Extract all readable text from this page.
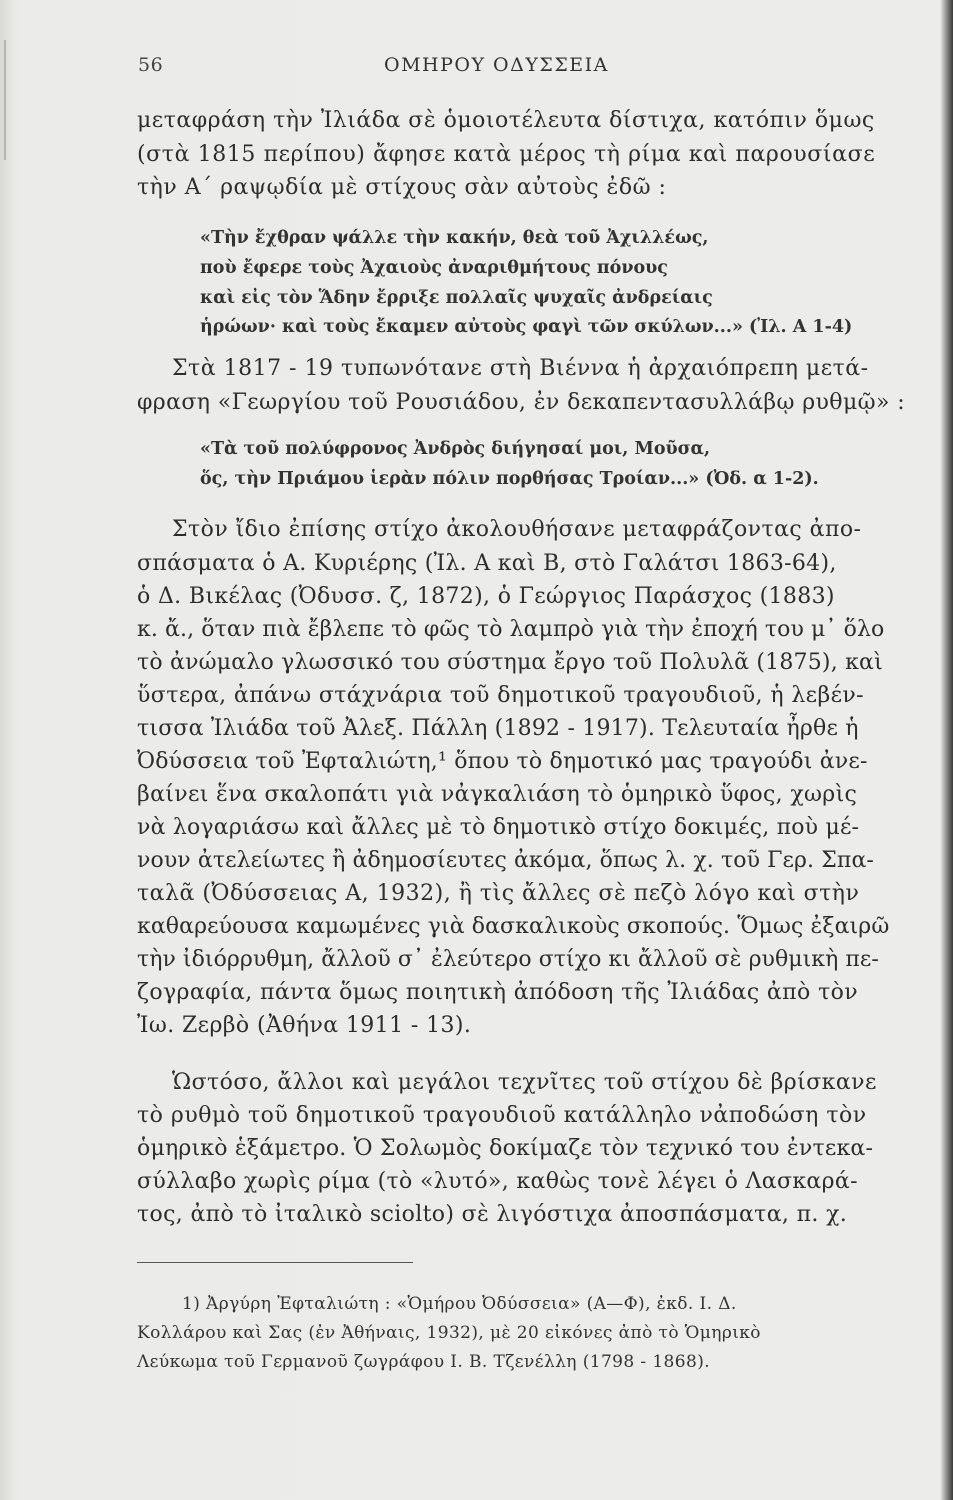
56	ΟΜΗΡΟΥ ΟΔΥΣΣΕΙΑ
μεταφράση τὴν Ἰλιάδα σὲ ὁμοιοτέλευτα δίστιχα, κατόπιν ὅμως
(στὰ 1815 περίπου) ἄφησε κατὰ μέρος τὴ ρίμα καὶ παρουσίασε
τὴν Α΄ ραψῳδία μὲ στίχους σὰν αὐτοὺς ἐδῶ :
«Τὴν ἔχθραν ψάλλε τὴν κακήν, θεὰ τοῦ Ἀχιλλέως,
ποὺ ἔφερε τοὺς Ἀχαιοὺς ἀναριθμήτους πόνους
καὶ εἰς τὸν Ἅδην ἔρριξε πολλαῖς ψυχαῖς ἀνδρείαις
ἡρώων· καὶ τοὺς ἔκαμεν αὐτοὺς φαγὶ τῶν σκύλων...» (Ἰλ. Α 1-4)
Στὰ 1817 - 19 τυπωνότανε στὴ Βιέννα ἡ ἀρχαιόπρεπη μετά-
φραση «Γεωργίου τοῦ Ρουσιάδου, ἐν δεκαπεντασυλλάβῳ ρυθμῷ» :
«Τὰ τοῦ πολύφρονος Ἀνδρὸς διήγησαί μοι, Μοῦσα,
ὅς, τὴν Πριάμου ἱερὰν πόλιν πορθήσας Τροίαν...» (Ὀδ. α 1-2).
Στὸν ἴδιο ἐπίσης στίχο ἀκολουθήσανε μεταφράζοντας ἀπο-
σπάσματα ὁ Α. Κυριέρης (Ἰλ. Α καὶ Β, στὸ Γαλάτσι 1863-64),
ὁ Δ. Βικέλας (Ὀδυσσ. ζ, 1872), ὁ Γεώργιος Παράσχος (1883)
κ. ἄ., ὅταν πιὰ ἔβλεπε τὸ φῶς τὸ λαμπρὸ γιὰ τὴν ἐποχή του μ᾽ ὅλο
τὸ ἀνώμαλο γλωσσικό του σύστημα ἔργο τοῦ Πολυλᾶ (1875), καὶ
ὕστερα, ἀπάνω στάχνάρια τοῦ δημοτικοῦ τραγουδιοῦ, ἡ λεβέν-
τισσα Ἰλιάδα τοῦ Ἀλεξ. Πάλλη (1892 - 1917). Τελευταία ἦρθε ἡ
Ὀδύσσεια τοῦ Ἐφταλιώτη,¹ ὅπου τὸ δημοτικό μας τραγούδι ἀνε-
βαίνει ἕνα σκαλοπάτι γιὰ νἀγκαλιάση τὸ ὁμηρικὸ ὕφος, χωρὶς
νὰ λογαριάσω καὶ ἄλλες μὲ τὸ δημοτικὸ στίχο δοκιμές, ποὺ μέ-
νουν ἀτελείωτες ἢ ἀδημοσίευτες ἀκόμα, ὅπως λ. χ. τοῦ Γερ. Σπα-
ταλᾶ (Ὀδύσσειας Α, 1932), ἢ τὶς ἄλλες σὲ πεζὸ λόγο καὶ στὴν
καθαρεύουσα καμωμένες γιὰ δασκαλικοὺς σκοπούς. Ὅμως ἐξαιρῶ
τὴν ἰδιόρρυθμη, ἄλλοῦ σ᾽ ἐλεύτερο στίχο κι ἄλλοῦ σὲ ρυθμικὴ πε-
ζογραφία, πάντα ὅμως ποιητικὴ ἀπόδοση τῆς Ἰλιάδας ἀπὸ τὸν
Ἰω. Ζερβὸ (Ἀθήνα 1911 - 13).
Ὡστόσο, ἄλλοι καὶ μεγάλοι τεχνῖτες τοῦ στίχου δὲ βρίσκανε
τὸ ρυθμὸ τοῦ δημοτικοῦ τραγουδιοῦ κατάλληλο νἀποδώση τὸν
ὁμηρικὸ ἑξάμετρο. Ὁ Σολωμὸς δοκίμαζε τὸν τεχνικό του ἐντεκα-
σύλλαβο χωρὶς ρίμα (τὸ «λυτό», καθὼς τονὲ λέγει ὁ Λασκαρά-
τος, ἀπὸ τὸ ἰταλικὸ sciolto) σὲ λιγόστιχα ἀποσπάσματα, π. χ.
1) Ἀργύρη Ἐφταλιώτη : «Ὁμήρου Ὀδύσσεια» (Α—Φ), ἐκδ. Ι. Δ.
Κολλάρου καὶ Σας (ἐν Ἀθήναις, 1932), μὲ 20 εἰκόνες ἀπὸ τὸ Ὁμηρικὸ
Λεύκωμα τοῦ Γερμανοῦ ζωγράφου Ι. Β. Τζενέλλη (1798 - 1868).
